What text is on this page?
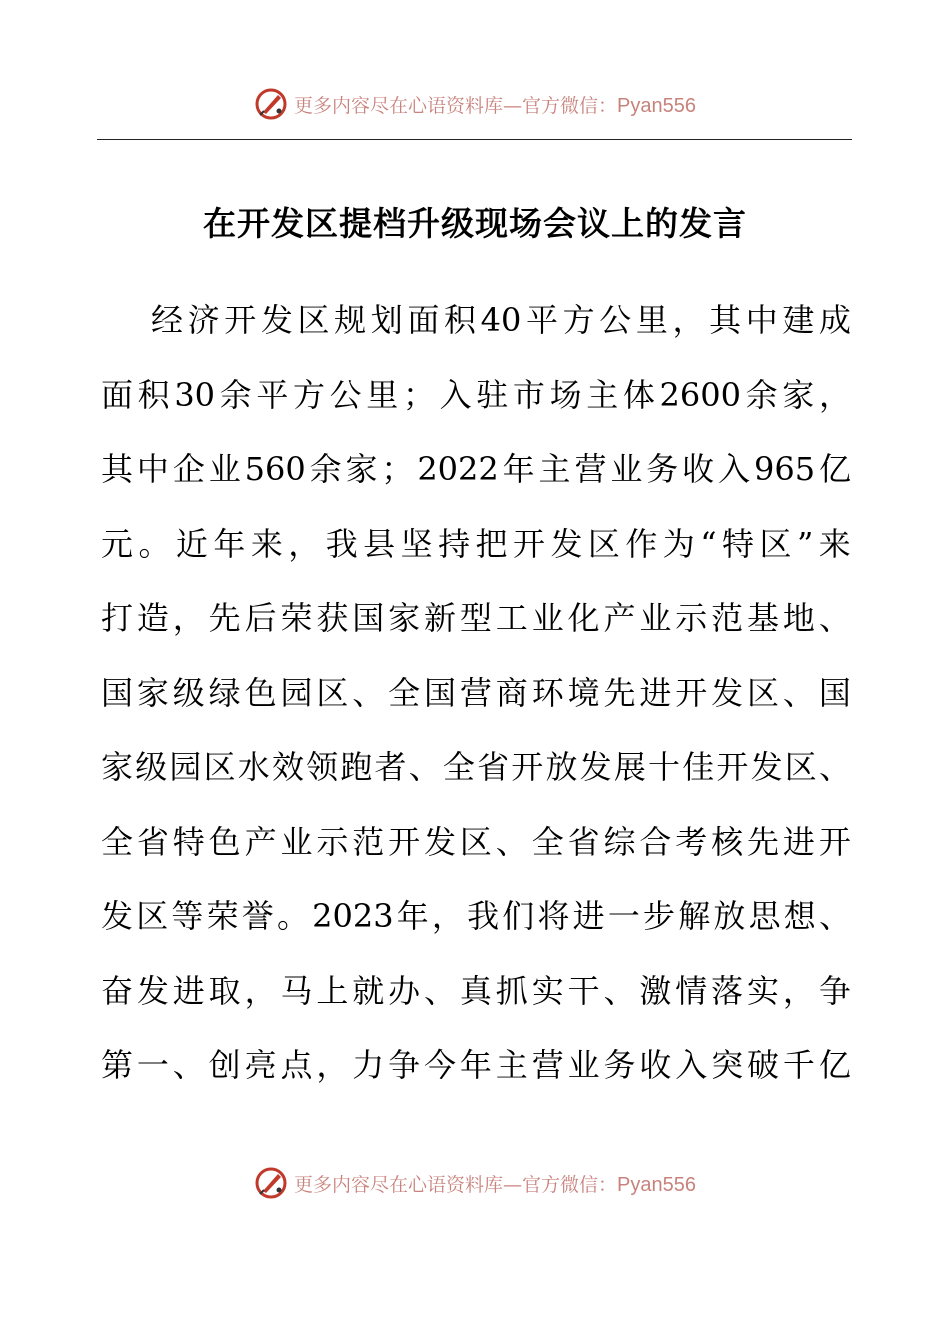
更多内容尽在心语资料库—官方微信：Pyan556
在开发区提档升级现场会议上的发言
经 济 开 发 区 规 划 面 积 40 平 方 公 里 ， 其 中 建 成
面 积 30 余 平 方 公 里 ； 入 驻 市 场 主 体 2600 余 家 ，
其 中 企 业 560 余 家 ； 2022 年 主 营 业 务 收 入 965 亿
元 。 近 年 来 ， 我 县 坚 持 把 开 发 区 作 为 “ 特 区 ” 来
打 造 ， 先 后 荣 获 国 家 新 型 工 业 化 产 业 示 范 基 地 、
国 家 级 绿 色 园 区 、 全 国 营 商 环 境 先 进 开 发 区 、 国
家 级 园 区 水 效 领 跑 者 、 全 省 开 放 发 展 十 佳 开 发 区 、
全 省 特 色 产 业 示 范 开 发 区 、 全 省 综 合 考 核 先 进 开
发 区 等 荣 誉 。 2023 年 ， 我 们 将 进 一 步 解 放 思 想 、
奋 发 进 取 ， 马 上 就 办 、 真 抓 实 干 、 激 情 落 实 ， 争
第 一 、 创 亮 点 ， 力 争 今 年 主 营 业 务 收 入 突 破 千 亿
更多内容尽在心语资料库—官方微信：Pyan556
